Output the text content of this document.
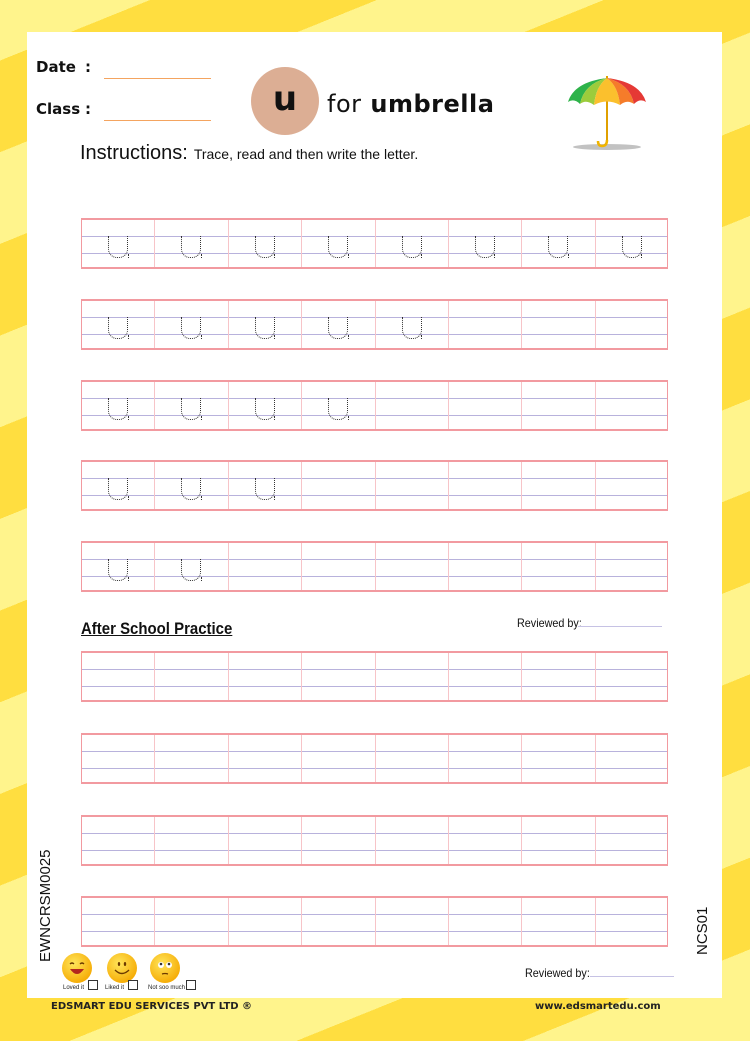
Date :
Class :	u for umbrella
Instructions: Trace, read and then write the letter.
After School Practice	Reviewed by:
EWNCRSM0025	NCS01
Loved it	Liked it	Not soo much
Reviewed by:
EDSMART EDU SERVICES PVT LTD ®	www.edsmartedu.com
